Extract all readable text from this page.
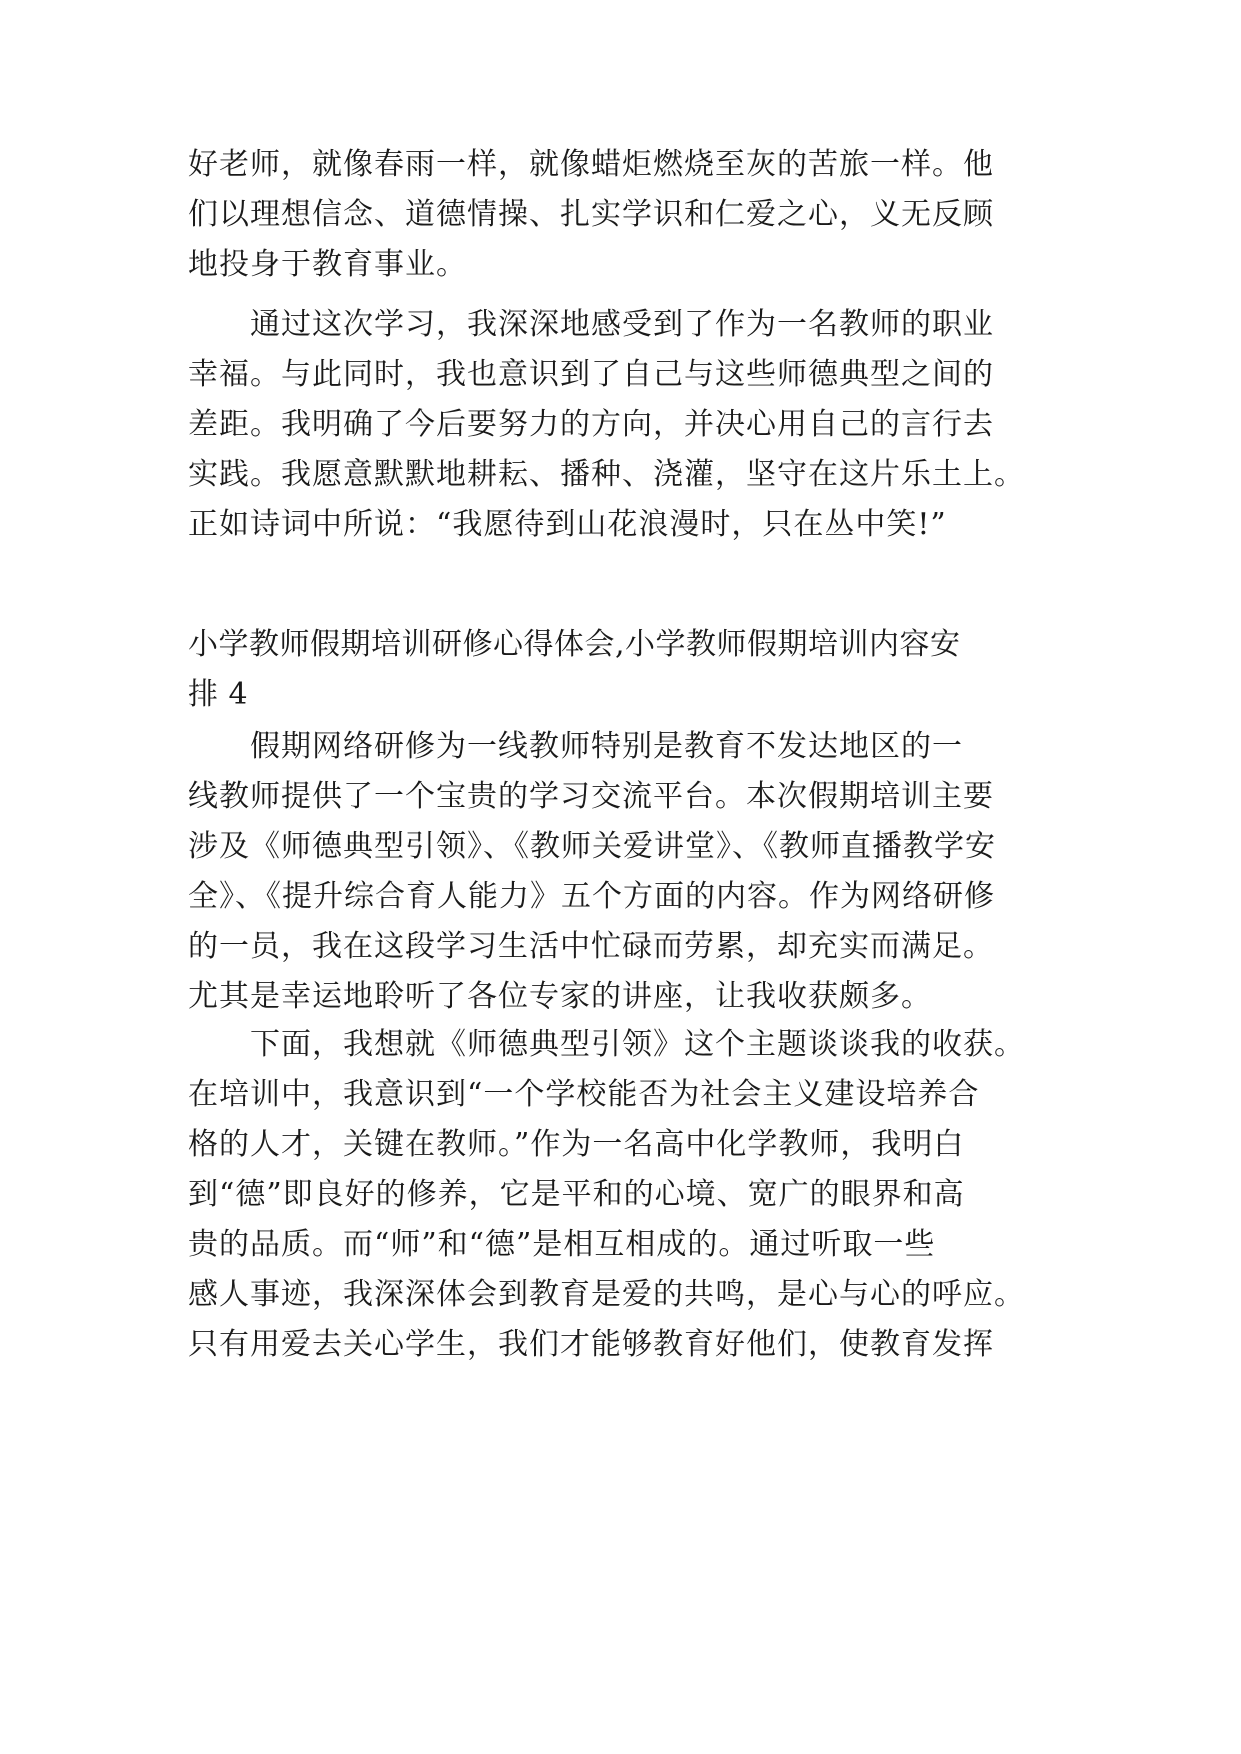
好老师，就像春雨一样，就像蜡炬燃烧至灰的苦旅一样。他
们以理想信念、道德情操、扎实学识和仁爱之心，义无反顾
地投身于教育事业。
通过这次学习，我深深地感受到了作为一名教师的职业
幸福。与此同时，我也意识到了自己与这些师德典型之间的
差距。我明确了今后要努力的方向，并决心用自己的言行去
实践。我愿意默默地耕耘、播种、浇灌，坚守在这片乐土上。
正如诗词中所说：“我愿待到山花浪漫时，只在丛中笑!”
小学教师假期培训研修心得体会,小学教师假期培训内容安
排 4
假期网络研修为一线教师特别是教育不发达地区的一
线教师提供了一个宝贵的学习交流平台。本次假期培训主要
涉及《师德典型引领》、《教师关爱讲堂》、《教师直播教学安
全》、《提升综合育人能力》五个方面的内容。作为网络研修
的一员，我在这段学习生活中忙碌而劳累，却充实而满足。
尤其是幸运地聆听了各位专家的讲座，让我收获颇多。
下面，我想就《师德典型引领》这个主题谈谈我的收获。
在培训中，我意识到“一个学校能否为社会主义建设培养合
格的人才，关键在教师。”作为一名高中化学教师，我明白
到“德”即良好的修养，它是平和的心境、宽广的眼界和高
贵的品质。而“师”和“德”是相互相成的。通过听取一些
感人事迹，我深深体会到教育是爱的共鸣，是心与心的呼应。
只有用爱去关心学生，我们才能够教育好他们，使教育发挥
